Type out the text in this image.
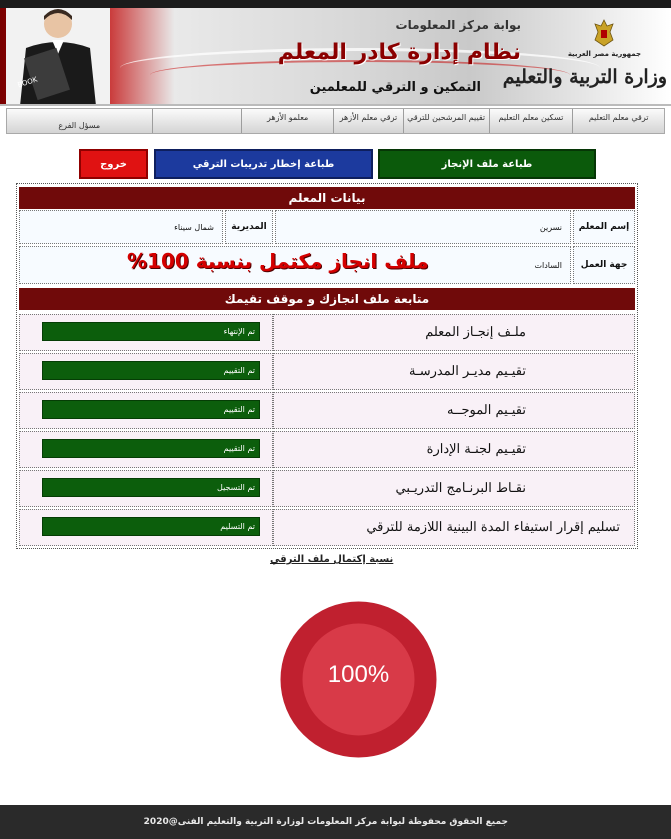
BOOK
جمهورية مصر العربية
وزارة التربية والتعليم
بوابة مركز المعلومات
نظام إدارة كادر المعلم
التمكين و الترقي للمعلمين
ترقي معلم التعليم
تسكين معلم التعليم
تقييم المرشحين للترقي
ترقي معلم الأزهر
معلمو الأزهر
مسؤل الفرع
طباعة ملف الإنجاز
طباعة إخطار تدريبات الترقي
خروج
بيانات المعلم
إسم المعلم
نسرين
المديرية
شمال سيناء
جهة العمل
السادات
ملف انجاز مكتمل بنسبة 100%
متابعة ملف انجازك و موقف تقيمك
ملـف إنجـاز المعلم
تم الإنتهاء
تقيـيم مديـر المدرسـة
تم التقييم
تقيـيم الموجــه
تم التقييم
تقيـيم لجنـة الإدارة
تم التقييم
نقـاط البرنـامج التدريـبي
تم التسجيل
تسليم إقرار استيفاء المدة البينية اللازمة للترقي
تم التسليم
نسبة إكتمال ملف الترقي
100%
جميع الحقوق محفوظة لبوابة مركز المعلومات لوزارة التربية والتعليم الفنى@2020
